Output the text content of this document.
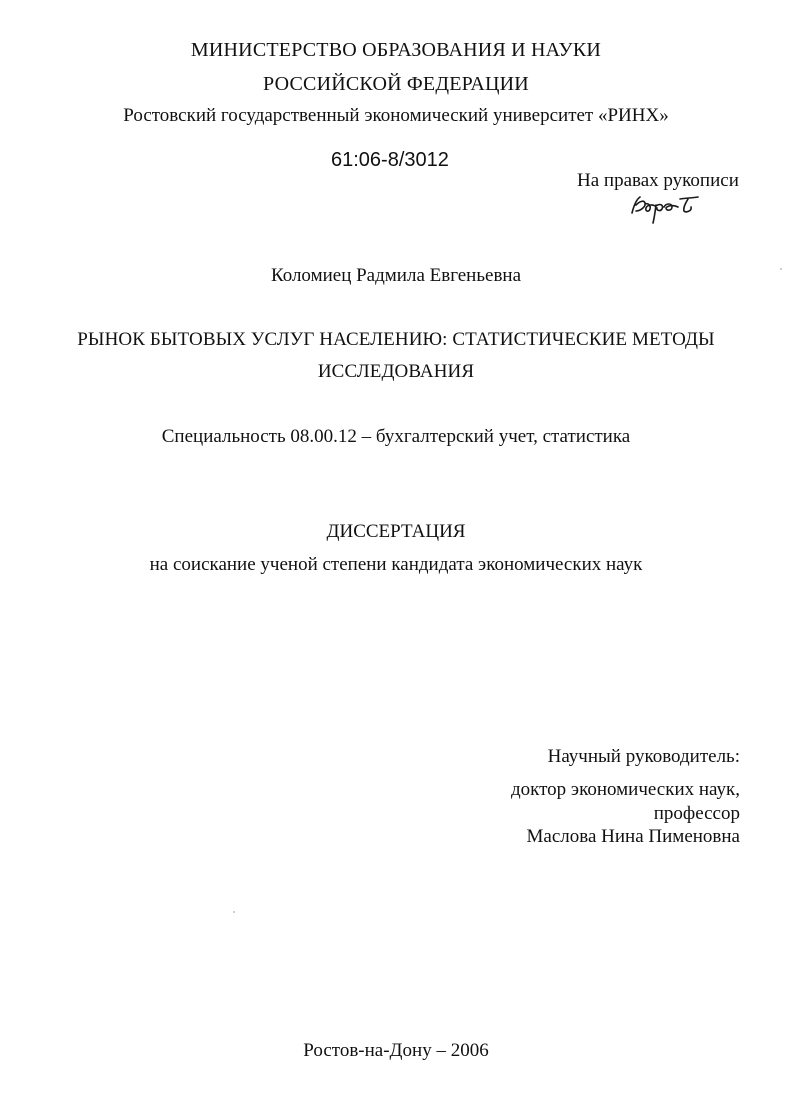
МИНИСТЕРСТВО ОБРАЗОВАНИЯ И НАУКИ
РОССИЙСКОЙ ФЕДЕРАЦИИ
Ростовский государственный экономический университет «РИНХ»
61:06-8/3012
На правах рукописи
Коломиец Радмила Евгеньевна
РЫНОК БЫТОВЫХ УСЛУГ НАСЕЛЕНИЮ: СТАТИСТИЧЕСКИЕ МЕТОДЫ
ИССЛЕДОВАНИЯ
Специальность 08.00.12 – бухгалтерский учет, статистика
ДИССЕРТАЦИЯ
на соискание ученой степени кандидата экономических наук
Научный руководитель:
доктор экономических наук,
профессор
Маслова Нина Пименовна
Ростов-на-Дону – 2006
